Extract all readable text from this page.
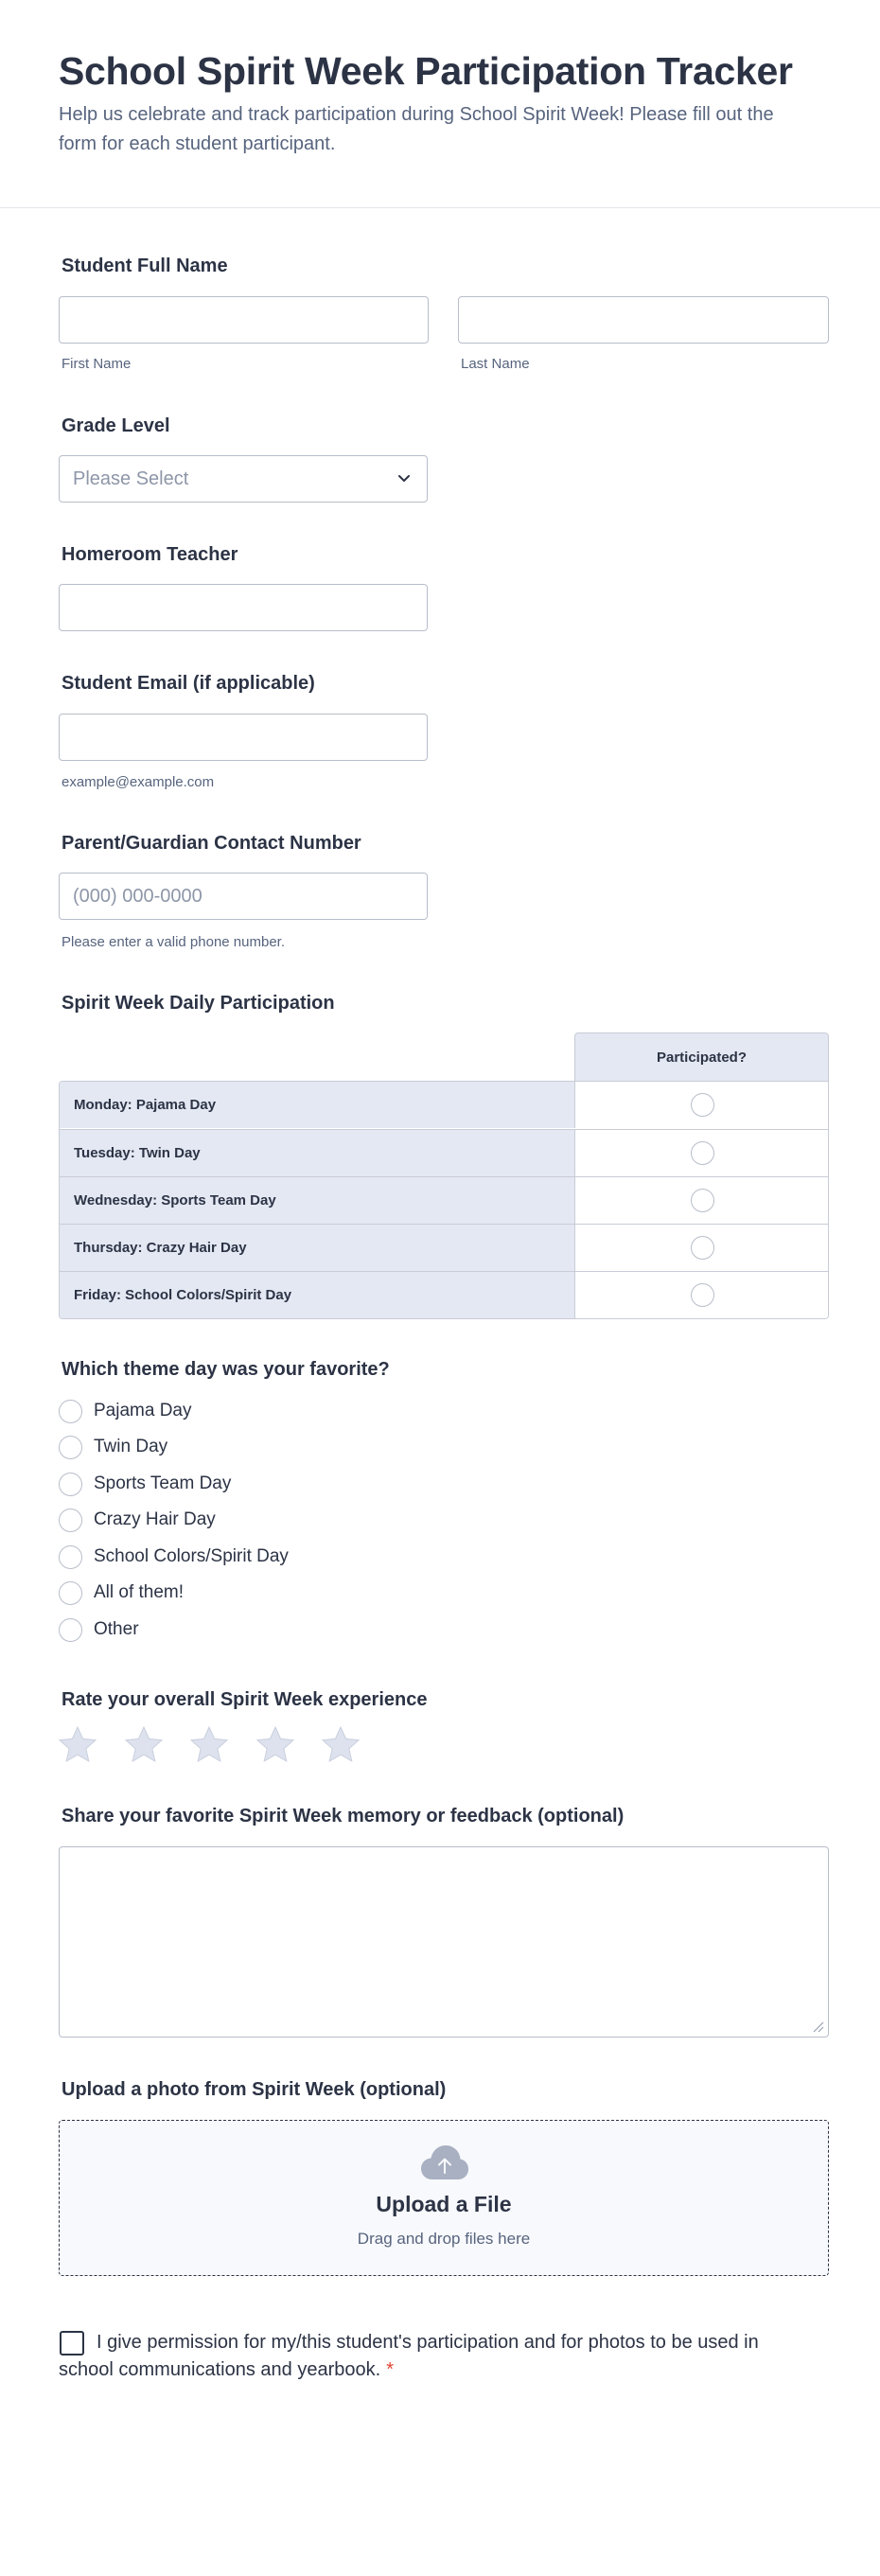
School Spirit Week Participation Tracker

Help us celebrate and track participation during School Spirit Week! Please fill out the form for each student participant.

Student Full Name
First Name	Last Name
Grade Level
Please Select
Homeroom Teacher
Student Email (if applicable)
example@example.com
Parent/Guardian Contact Number
(000) 000-0000
Please enter a valid phone number.
Spirit Week Daily Participation
Participated?
Monday: Pajama Day
Tuesday: Twin Day
Wednesday: Sports Team Day
Thursday: Crazy Hair Day
Friday: School Colors/Spirit Day
Which theme day was your favorite?
Pajama Day
Twin Day
Sports Team Day
Crazy Hair Day
School Colors/Spirit Day
All of them!
Other
Rate your overall Spirit Week experience
Share your favorite Spirit Week memory or feedback (optional)
Upload a photo from Spirit Week (optional)
Upload a File
Drag and drop files here

I give permission for my/this student's participation and for photos to be used in school communications and yearbook. *
